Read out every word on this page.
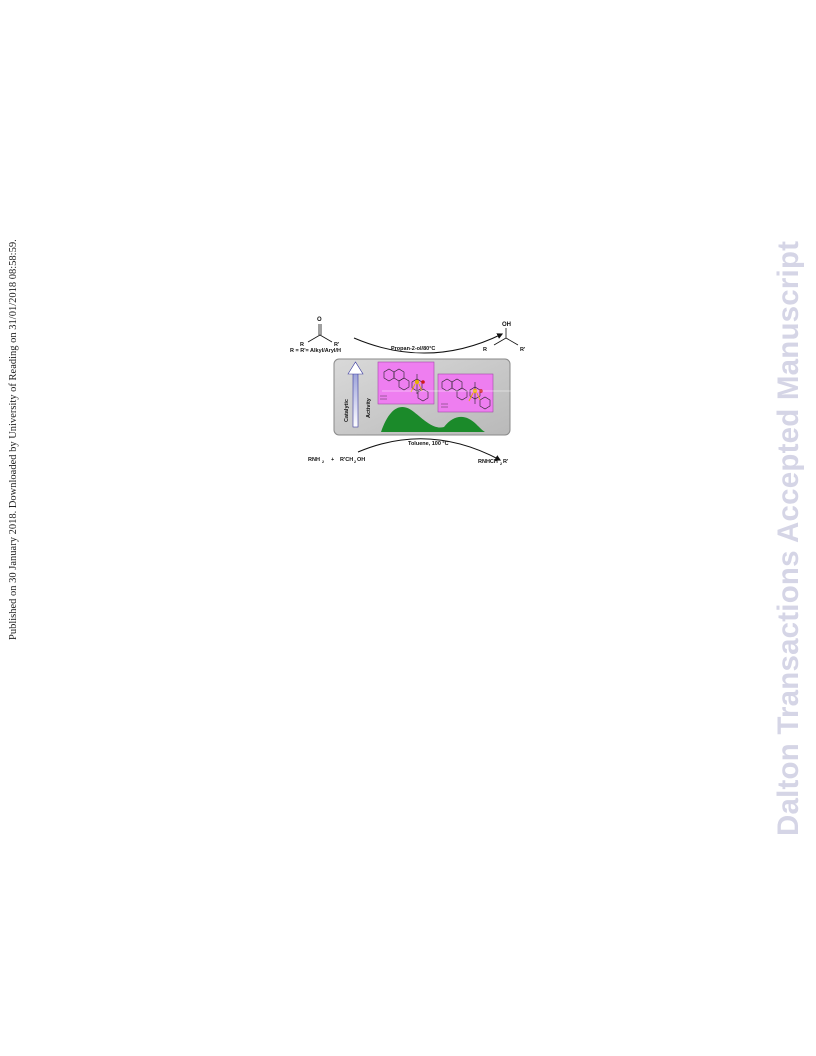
Published on 30 January 2018. Downloaded by University of Reading on 31/01/2018 08:58:59.	Dalton Transactions Accepted Manuscript
O
R	R'
R = R'= Alkyl/Aryl/H	Propan-2-ol/80°C
OH
R	R'
Catalytic	Activity
Toluene, 100 °C
RNH 2 + R'CH 2 OH	RNHCH 2 R'
